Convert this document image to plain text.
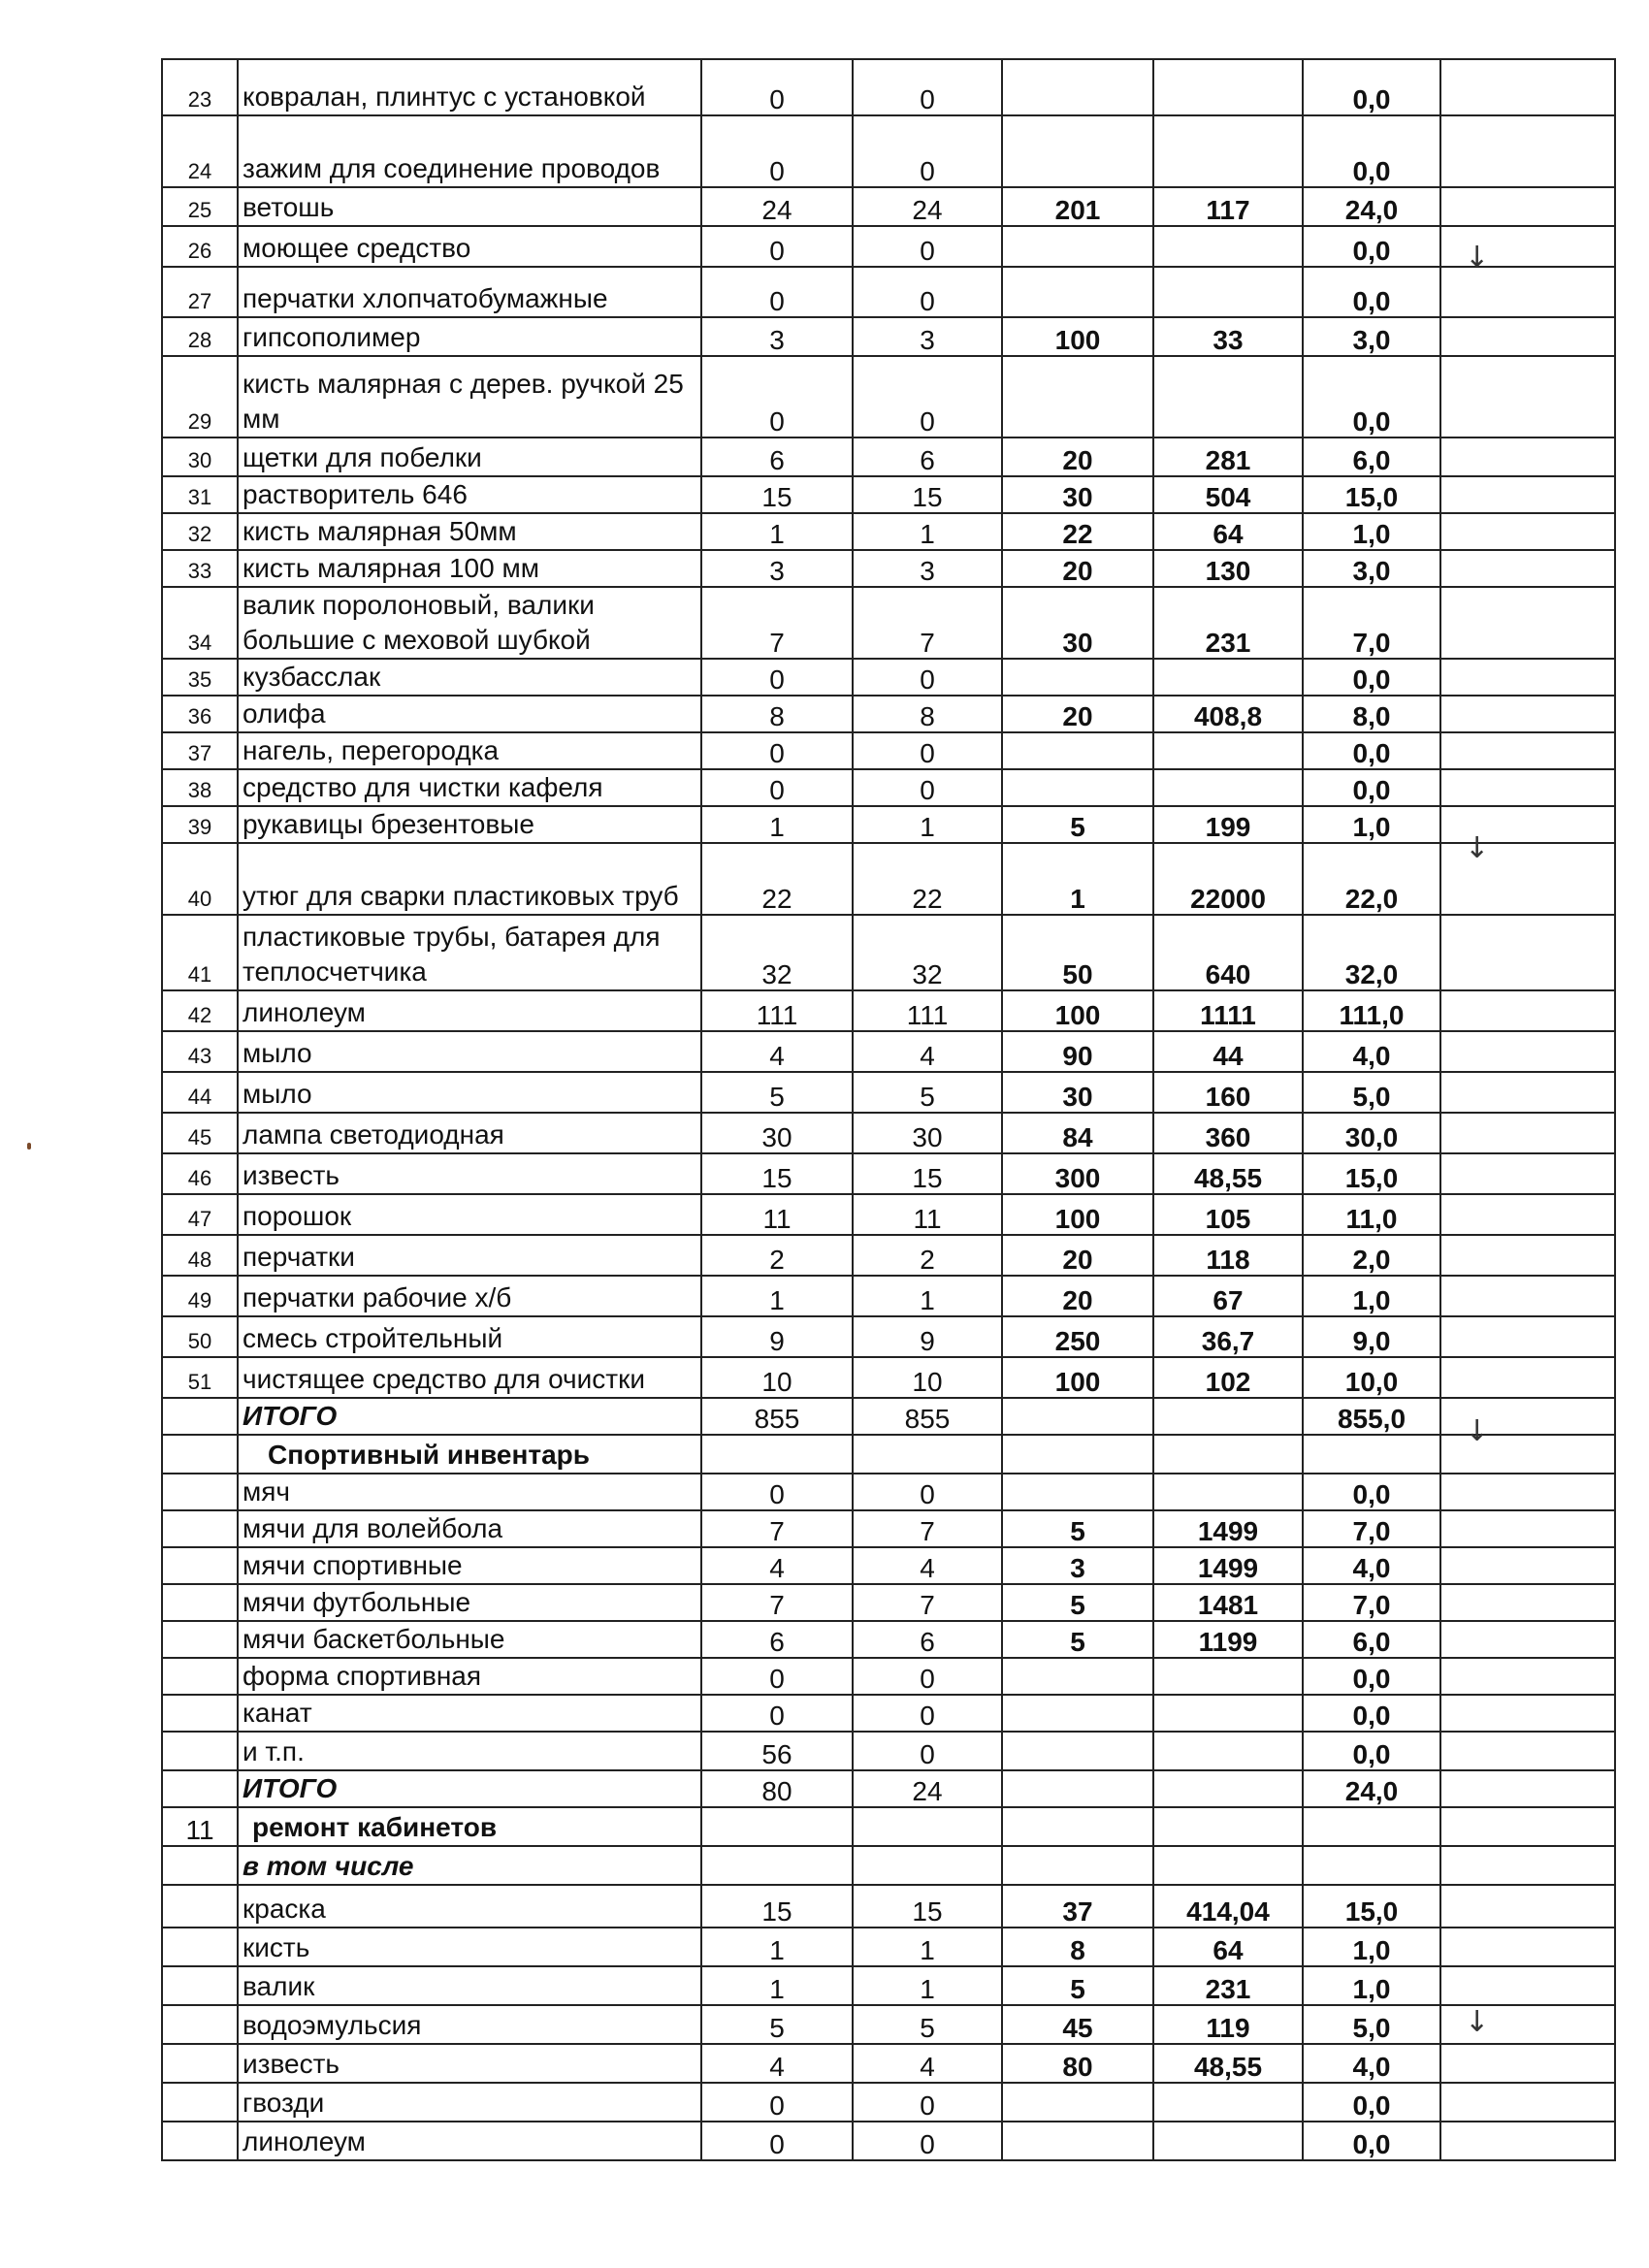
23	ковралан, плинтус с установкой	0	0			0,0	
24	зажим для соединение проводов	0	0			0,0	
25	ветошь	24	24	201	117	24,0	
26	моющее средство	0	0			0,0	
27	перчатки хлопчатобумажные	0	0			0,0	
28	гипсополимер	3	3	100	33	3,0	
29	кисть малярная с дерев. ручкой 25 мм	0	0			0,0	
30	щетки для побелки	6	6	20	281	6,0	
31	растворитель 646	15	15	30	504	15,0	
32	кисть малярная 50мм	1	1	22	64	1,0	
33	кисть малярная 100 мм	3	3	20	130	3,0	
34	валик поролоновый, валики большие с меховой шубкой	7	7	30	231	7,0	
35	кузбасслак	0	0			0,0	
36	олифа	8	8	20	408,8	8,0	
37	нагель, перегородка	0	0			0,0	
38	средство для чистки кафеля	0	0			0,0	
39	рукавицы брезентовые	1	1	5	199	1,0	
40	утюг для сварки пластиковых труб	22	22	1	22000	22,0	
41	пластиковые трубы, батарея для теплосчетчика	32	32	50	640	32,0	
42	линолеум	111	111	100	1111	111,0	
43	мыло	4	4	90	44	4,0	
44	мыло	5	5	30	160	5,0	
45	лампа светодиодная	30	30	84	360	30,0	
46	известь	15	15	300	48,55	15,0	
47	порошок	11	11	100	105	11,0	
48	перчатки	2	2	20	118	2,0	
49	перчатки рабочие х/б	1	1	20	67	1,0	
50	смесь стройтельный	9	9	250	36,7	9,0	
51	чистящее средство для очистки	10	10	100	102	10,0	
	ИТОГО	855	855			855,0	
	Спортивный инвентарь						
	мяч	0	0			0,0	
	мячи для волейбола	7	7	5	1499	7,0	
	мячи спортивные	4	4	3	1499	4,0	
	мячи футбольные	7	7	5	1481	7,0	
	мячи баскетбольные	6	6	5	1199	6,0	
	форма спортивная	0	0			0,0	
	канат	0	0			0,0	
	и т.п.	56	0			0,0	
	ИТОГО	80	24			24,0	
11	ремонт кабинетов						
	в том числе						
	краска	15	15	37	414,04	15,0	
	кисть	1	1	8	64	1,0	
	валик	1	1	5	231	1,0	
	водоэмульсия	5	5	45	119	5,0	
	известь	4	4	80	48,55	4,0	
	гвозди	0	0			0,0	
	линолеум	0	0			0,0	
↓
↓
↓
↓
